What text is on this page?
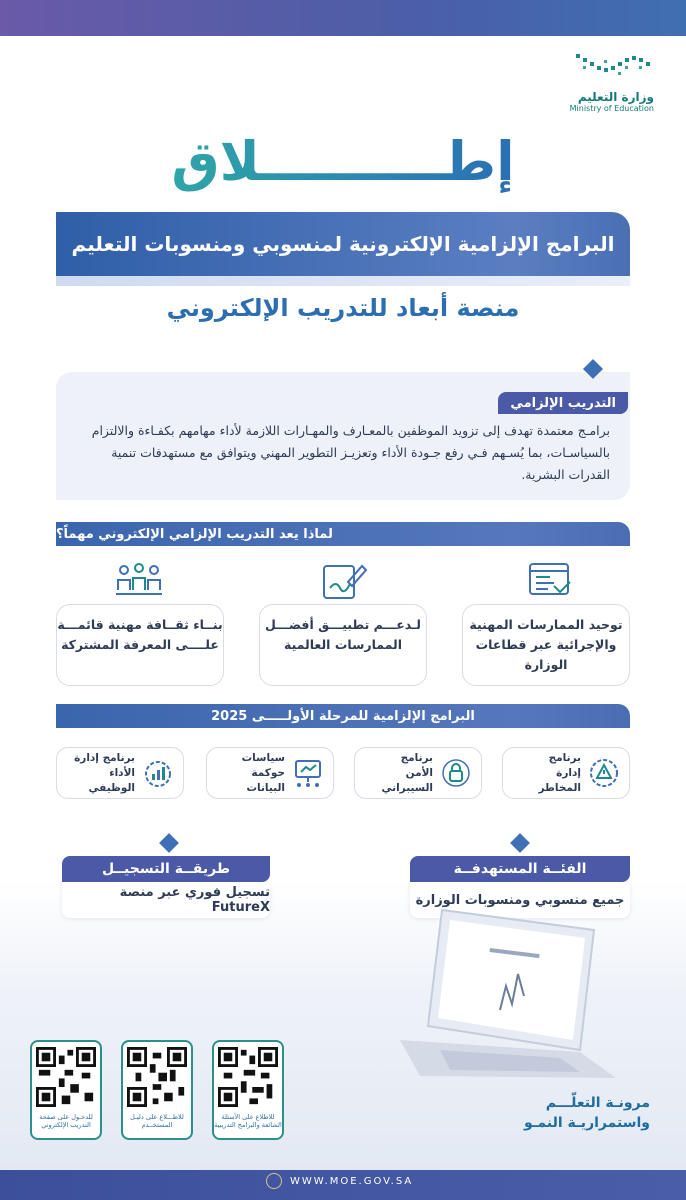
وزارة التعليم
Ministry of Education
إطــــــــــلاق
البرامج الإلزامية الإلكترونية لمنسوبي ومنسوبات التعليم
منصة أبعاد للتدريب الإلكتروني
التدريب الإلزامي
برامـج معتمدة تهدف إلى تزويد الموظفين بالمعـارف والمهـارات اللازمة لأداء مهامهم بكفـاءة والالتزام بالسياسـات، بما يُسـهم فـي رفع جـودة الأداء وتعزيـز التطوير المهني ويتوافق مع مستهدفات تنمية القدرات البشرية.
لماذا يعد التدريب الإلزامي الإلكتروني مهماً؟
توحيد الممارسات المهنية والإجرائية عبر قطاعات الوزارة
لـدعـــم تطبيـــق أفضـــل الممارسات العالمية
بنــاء ثقــافة مهنية قائمـــة علــــى المعرفة المشتركة
البرامج الإلزامية للمرحلة الأولـــــى 2025
برنامج
إدارة المخاطر
برنامج
الأمن السيبراني
سياسات
حوكمة البيانات
برنامج إدارة
الأداء الوظيفي
الفئــة المستهدفــة
جميع منسوبي ومنسوبات الوزارة
طريقــة التسجيــل
تسجيل فوري عبر منصة FutureX
للاطلاع على الأسئلة الشائعة والبرامج التدريبية
للاطـــلاع على دليـل المستخــدم
للدخـول على صفحة التدريب الإلكتروني
مرونـة التعلّـــم
واستمراريـة النمـو
WWW.MOE.GOV.SA
